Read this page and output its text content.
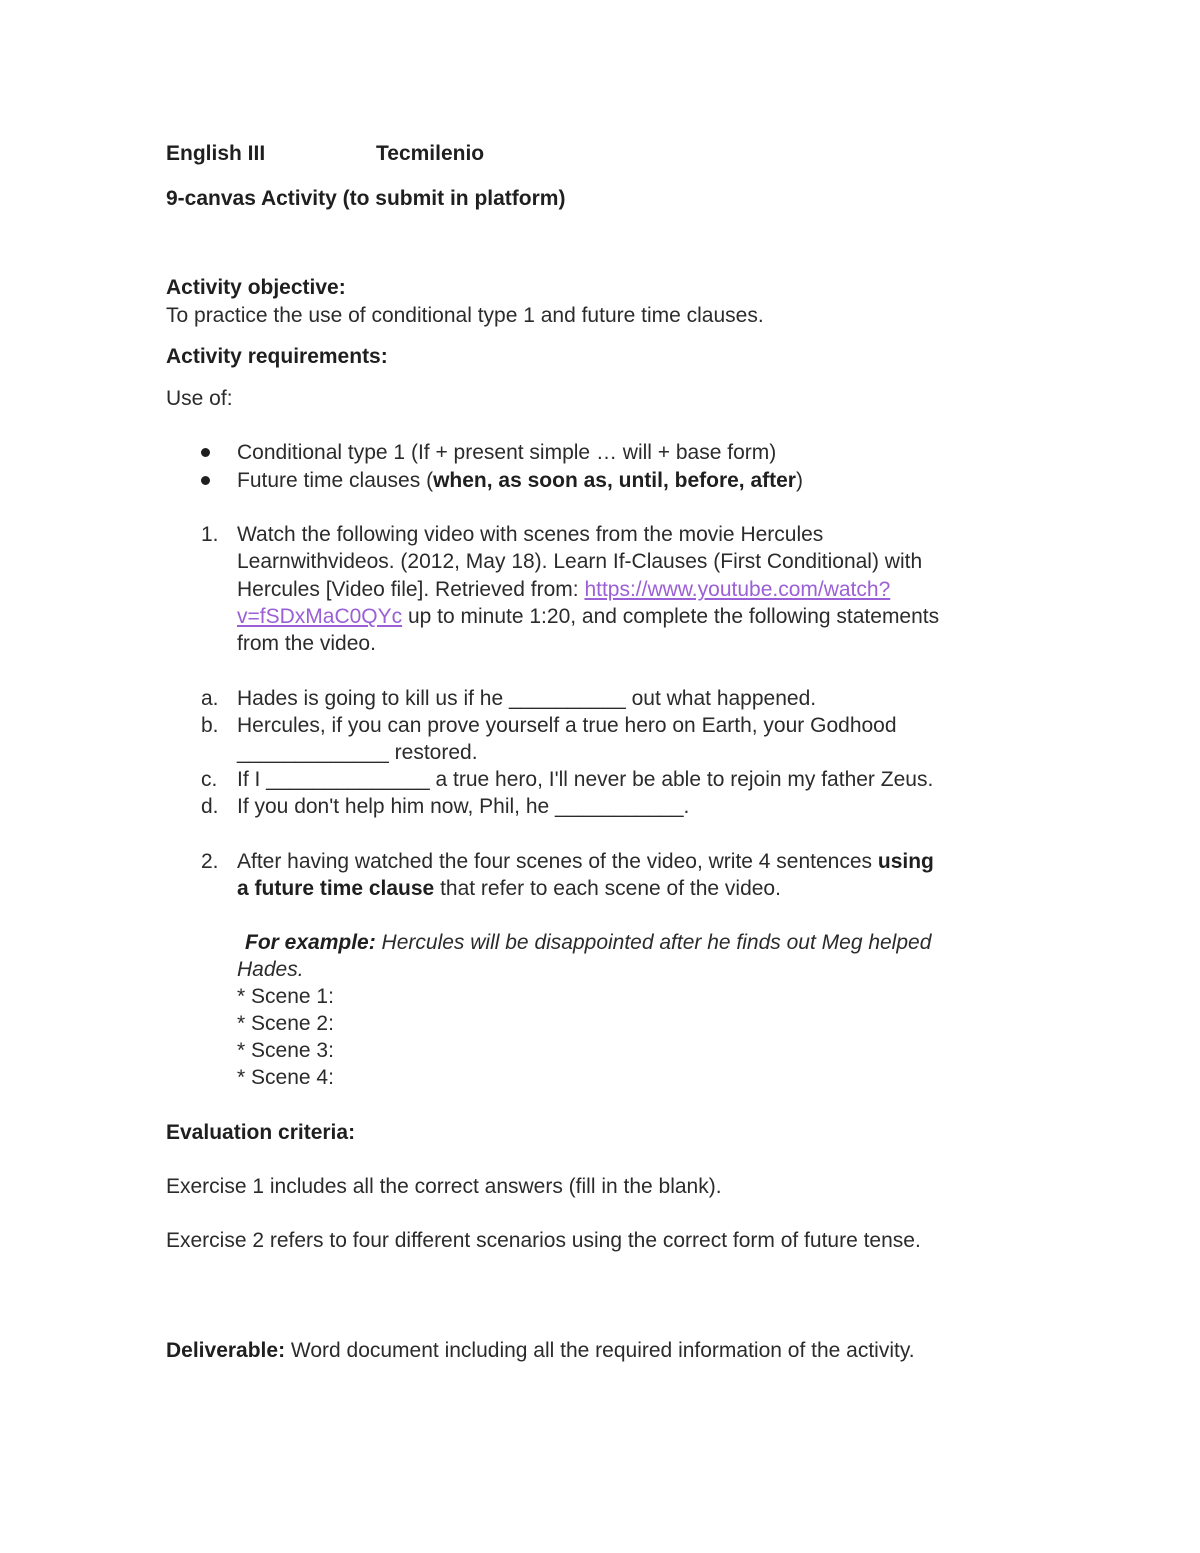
English III	Tecmilenio
9-canvas Activity (to submit in platform)
Activity objective:
To practice the use of conditional type 1 and future time clauses.
Activity requirements:
Use of:
Conditional type 1 (If + present simple … will + base form)
Future time clauses (when, as soon as, until, before, after)
1. Watch the following video with scenes from the movie Hercules
Learnwithvideos. (2012, May 18). Learn If-Clauses (First Conditional) with
Hercules [Video file]. Retrieved from: https://www.youtube.com/watch?
v=fSDxMaC0QYc up to minute 1:20, and complete the following statements
from the video.
a. Hades is going to kill us if he __________ out what happened.
b. Hercules, if you can prove yourself a true hero on Earth, your Godhood
_____________ restored.
c. If I ______________ a true hero, I'll never be able to rejoin my father Zeus.
d. If you don't help him now, Phil, he ___________.
2. After having watched the four scenes of the video, write 4 sentences using
a future time clause that refer to each scene of the video.
For example: Hercules will be disappointed after he finds out Meg helped
Hades.
* Scene 1:
* Scene 2:
* Scene 3:
* Scene 4:
Evaluation criteria:
Exercise 1 includes all the correct answers (fill in the blank).
Exercise 2 refers to four different scenarios using the correct form of future tense.
Deliverable: Word document including all the required information of the activity.
